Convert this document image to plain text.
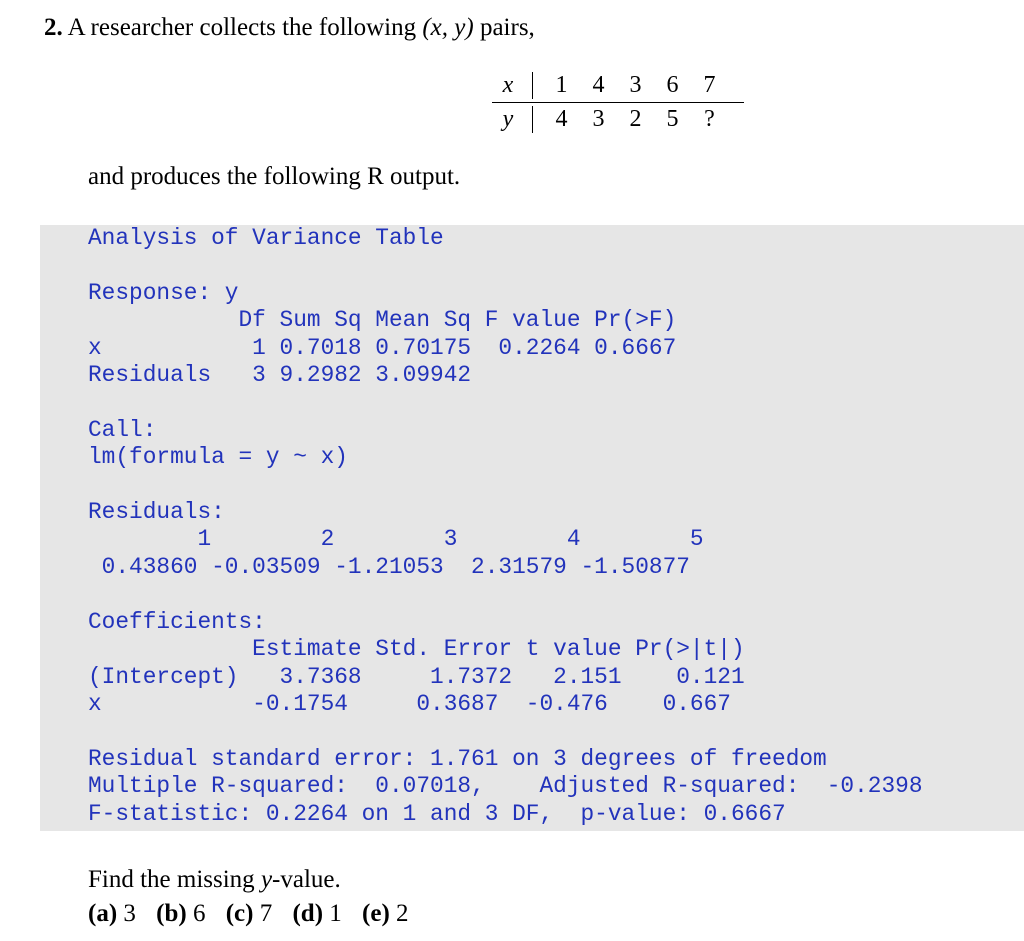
2. A researcher collects the following (x, y) pairs,
x	1	4	3	6	7
y	4	3	2	5	?
and produces the following R output.
Analysis of Variance Table

Response: y
Df Sum Sq Mean Sq F value Pr(>F)
x           1 0.7018 0.70175  0.2264 0.6667
Residuals   3 9.2982 3.09942

Call:
lm(formula = y ~ x)

Residuals:
1        2        3        4        5
0.43860 -0.03509 -1.21053  2.31579 -1.50877

Coefficients:
Estimate Std. Error t value Pr(>|t|)
(Intercept)   3.7368     1.7372   2.151    0.121
x           -0.1754     0.3687  -0.476    0.667

Residual standard error: 1.761 on 3 degrees of freedom
Multiple R-squared:  0.07018,    Adjusted R-squared:  -0.2398
F-statistic: 0.2264 on 1 and 3 DF,  p-value: 0.6667

Find the missing y-value.
(a) 3 (b) 6 (c) 7 (d) 1 (e) 2
